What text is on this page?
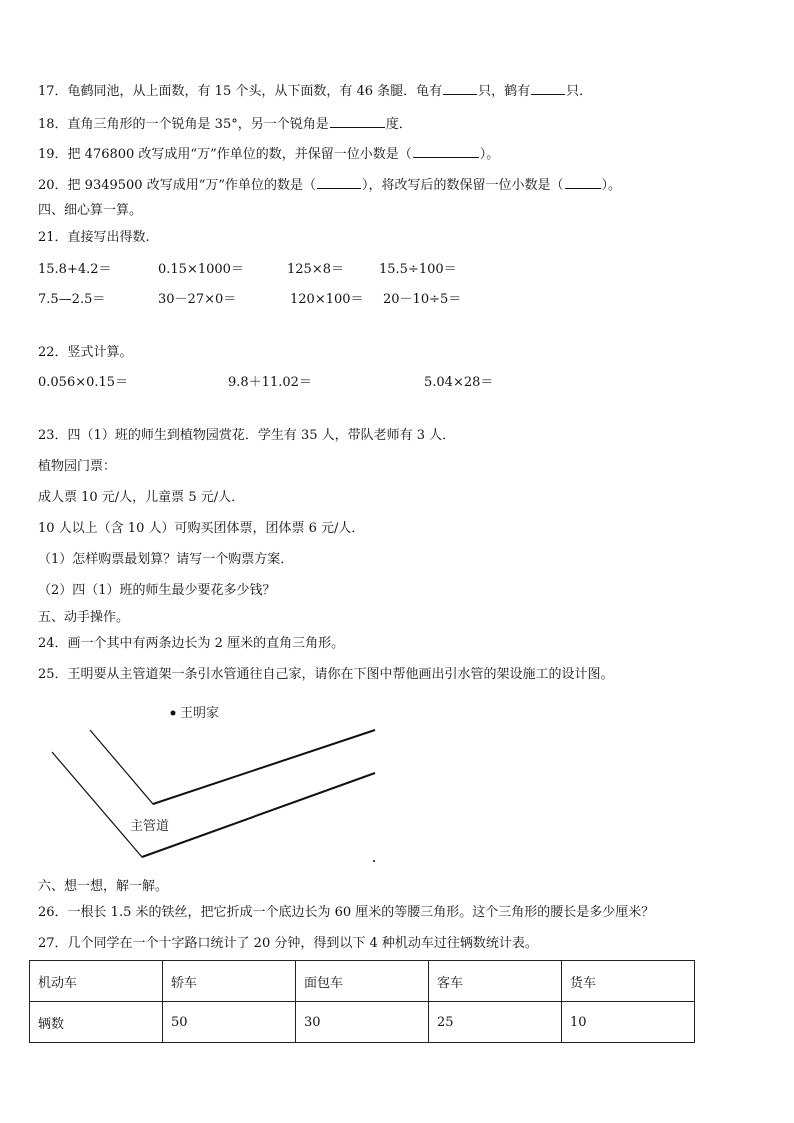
17．龟鹤同池，从上面数，有 15 个头，从下面数，有 46 条腿．龟有	只，鹤有	只．
18．直角三角形的一个锐角是 35°，另一个锐角是	度．
19．把 476800 改写成用“万”作单位的数，并保留一位小数是（	）。
20．把 9349500 改写成用“万”作单位的数是（	），将改写后的数保留一位小数是（	）。
四、细心算一算。
21．直接写出得数.
15.8+4.2＝	0.15×1000＝	125×8＝	15.5÷100＝
7.5—2.5＝	30－27×0＝	120×100＝ 20－10÷5＝
22．竖式计算。
0.056×0.15＝	9.8＋11.02＝	5.04×28＝
23．四（1）班的师生到植物园赏花．学生有 35 人，带队老师有 3 人．
植物园门票：
成人票 10 元/人，儿童票 5 元/人．
10 人以上（含 10 人）可购买团体票，团体票 6 元/人．
（1）怎样购票最划算？请写一个购票方案．
（2）四（1）班的师生最少要花多少钱？
五、动手操作。
24．画一个其中有两条边长为 2 厘米的直角三角形。
25．王明要从主管道架一条引水管通往自己家，请你在下图中帮他画出引水管的架设施工的设计图。
王明家
主管道
六、想一想，解一解。
26．一根长 1.5 米的铁丝，把它折成一个底边长为 60 厘米的等腰三角形。这个三角形的腰长是多少厘米？
27．几个同学在一个十字路口统计了 20 分钟，得到以下 4 种机动车过往辆数统计表。
机动车	轿车	面包车	客车	货车
辆数	50	30	25	10
